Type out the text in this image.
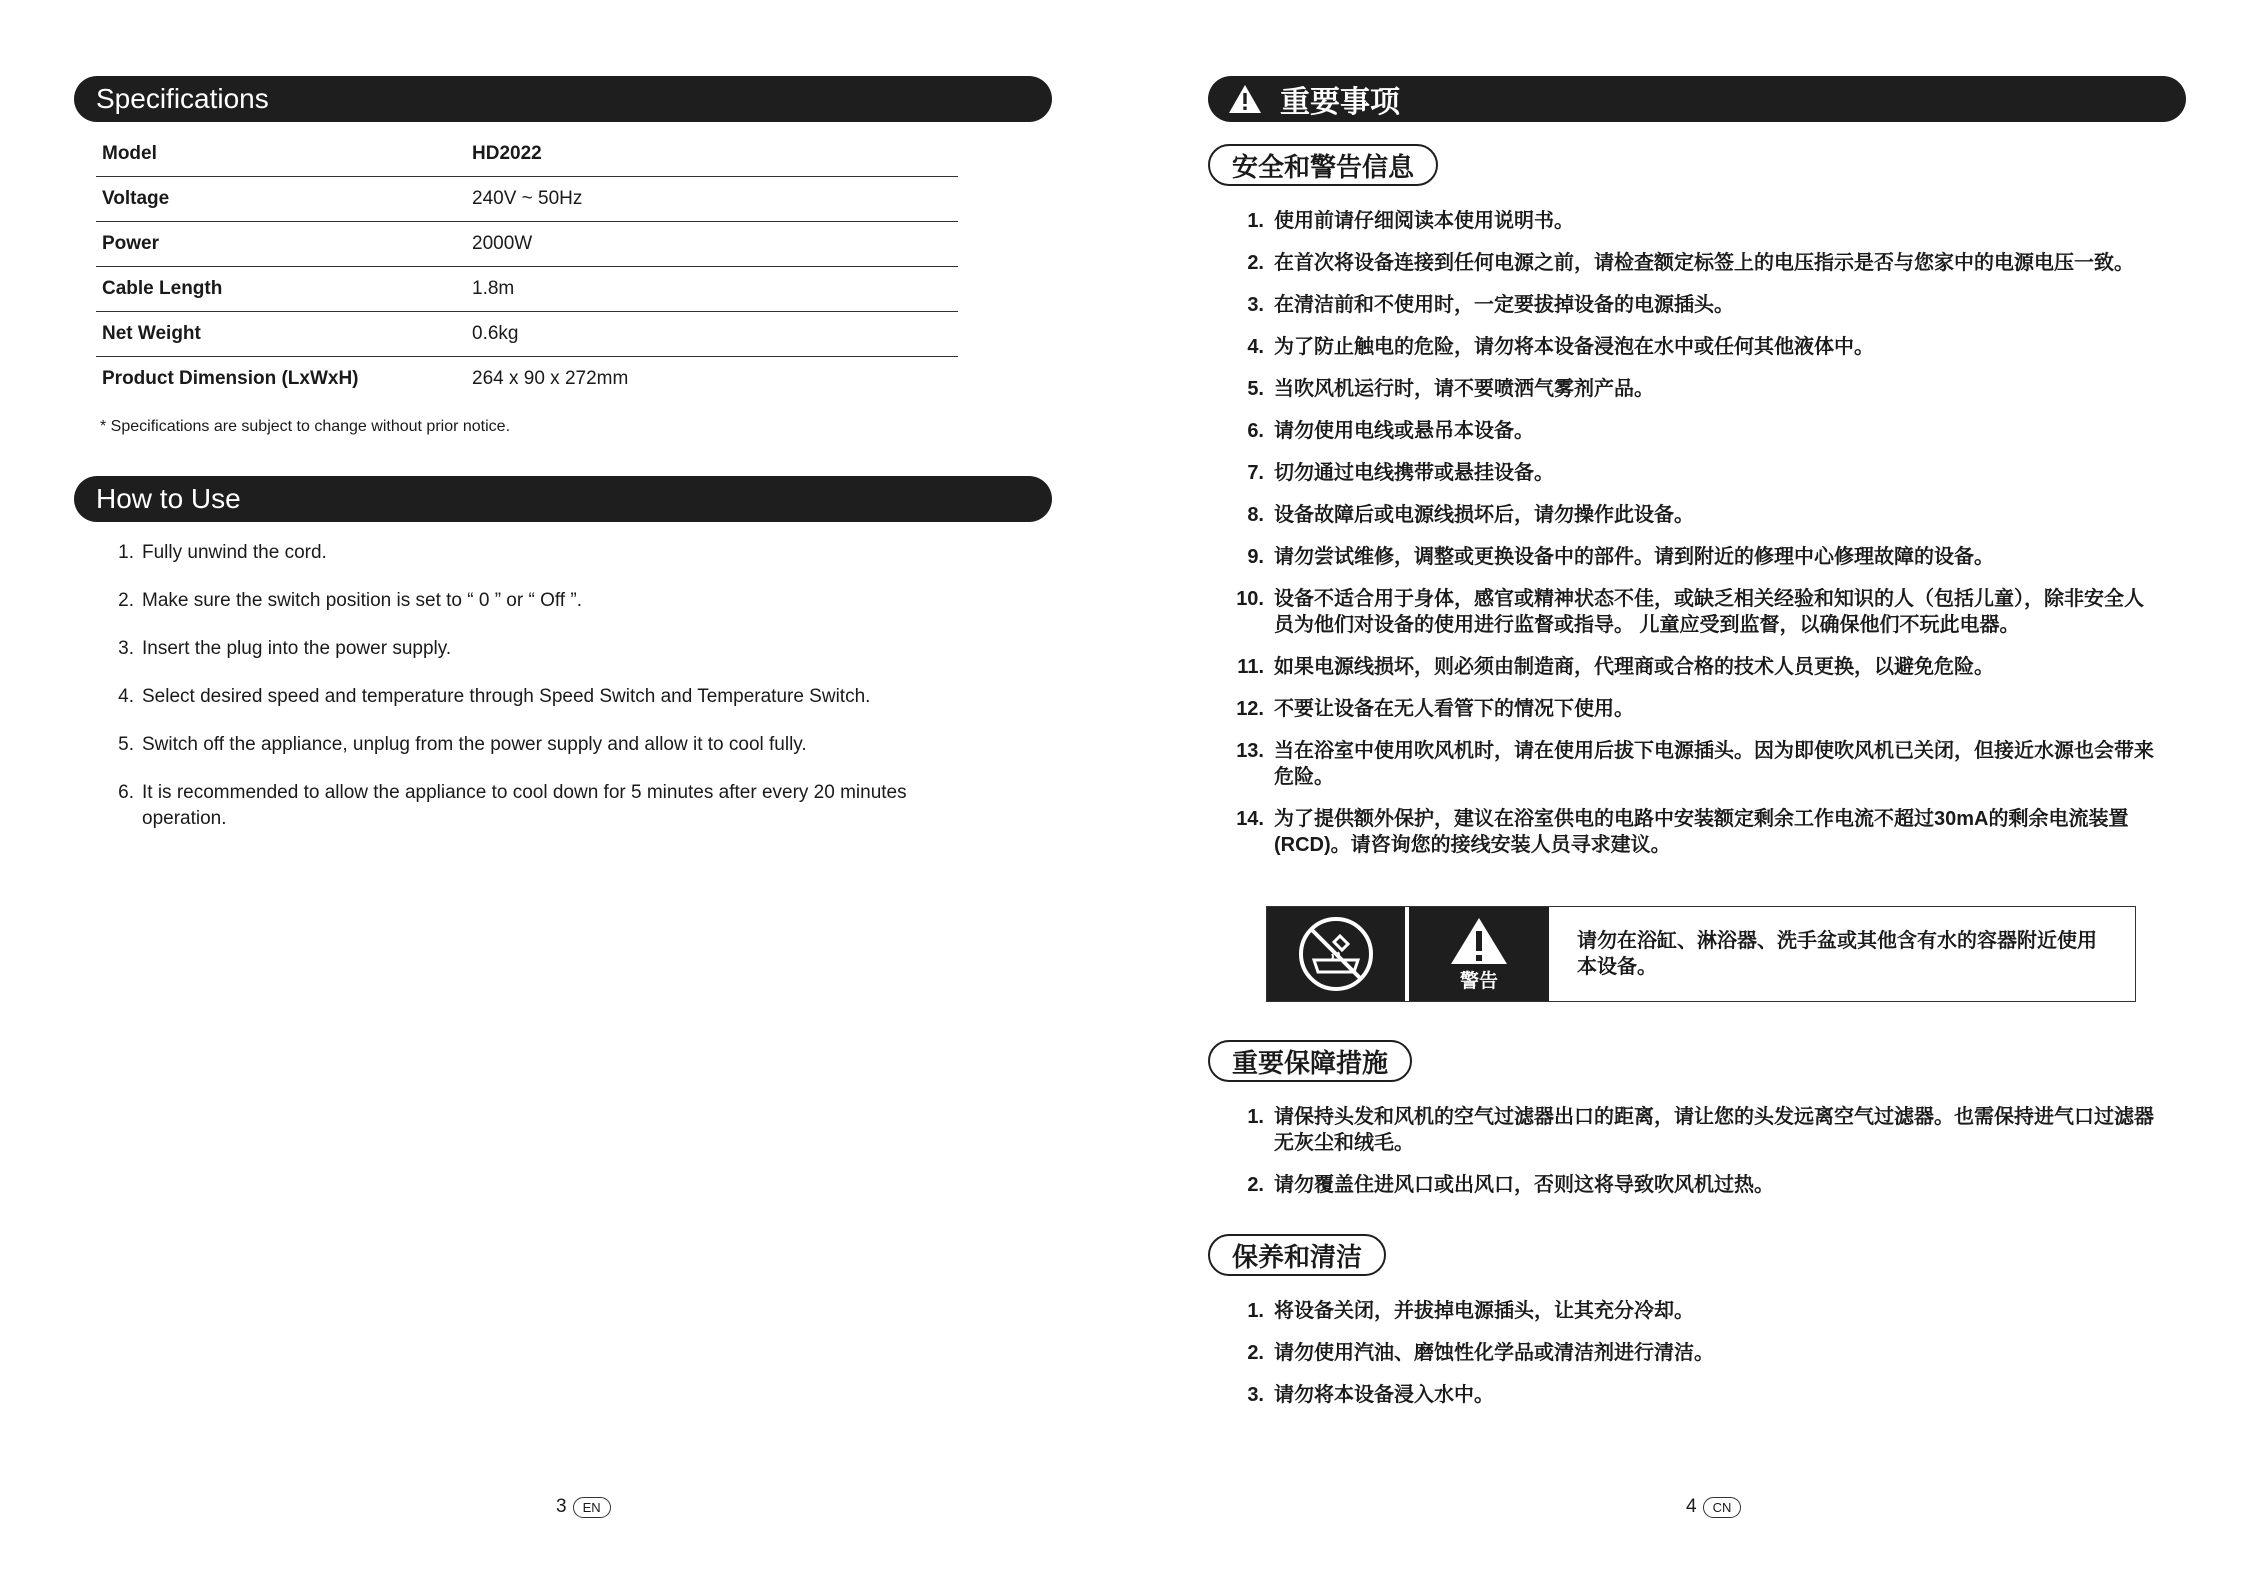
Specifications
Model	HD2022
Voltage	240V ~ 50Hz
Power	2000W
Cable Length	1.8m
Net Weight	0.6kg
Product Dimension (LxWxH)	264 x 90 x 272mm
* Specifications are subject to change without prior notice.
How to Use
1. Fully unwind the cord.
2. Make sure the switch position is set to “ 0 ” or “ Off ”.
3. Insert the plug into the power supply.
4. Select desired speed and temperature through Speed Switch and Temperature Switch.
5. Switch off the appliance, unplug from the power supply and allow it to cool fully.
6. It is recommended to allow the appliance to cool down for 5 minutes after every 20 minutes operation.
3	EN
重要事项
安全和警告信息
1. 使用前请仔细阅读本使用说明书。
2. 在首次将设备连接到任何电源之前，请检查额定标签上的电压指示是否与您家中的电源电压一致。
3. 在清洁前和不使用时，一定要拔掉设备的电源插头。
4. 为了防止触电的危险，请勿将本设备浸泡在水中或任何其他液体中。
5. 当吹风机运行时，请不要喷洒气雾剂产品。
6. 请勿使用电线或悬吊本设备。
7. 切勿通过电线携带或悬挂设备。
8. 设备故障后或电源线损坏后，请勿操作此设备。
9. 请勿尝试维修，调整或更换设备中的部件。请到附近的修理中心修理故障的设备。
10. 设备不适合用于身体，感官或精神状态不佳，或缺乏相关经验和知识的人（包括儿童），除非安全人员为他们对设备的使用进行监督或指导。 儿童应受到监督，以确保他们不玩此电器。
11. 如果电源线损坏，则必须由制造商，代理商或合格的技术人员更换，以避免危险。
12. 不要让设备在无人看管下的情况下使用。
13. 当在浴室中使用吹风机时，请在使用后拔下电源插头。因为即使吹风机已关闭，但接近水源也会带来危险。
14. 为了提供额外保护，建议在浴室供电的电路中安装额定剩余工作电流不超过30mA的剩余电流装置 (RCD)。请咨询您的接线安装人员寻求建议。
警告
请勿在浴缸、淋浴器、洗手盆或其他含有水的容器附近使用本设备。
重要保障措施
1. 请保持头发和风机的空气过滤器出口的距离，请让您的头发远离空气过滤器。也需保持进气口过滤器无灰尘和绒毛。
2. 请勿覆盖住进风口或出风口，否则这将导致吹风机过热。
保养和清洁
1. 将设备关闭，并拔掉电源插头，让其充分冷却。
2. 请勿使用汽油、磨蚀性化学品或清洁剂进行清洁。
3. 请勿将本设备浸入水中。
4	CN
